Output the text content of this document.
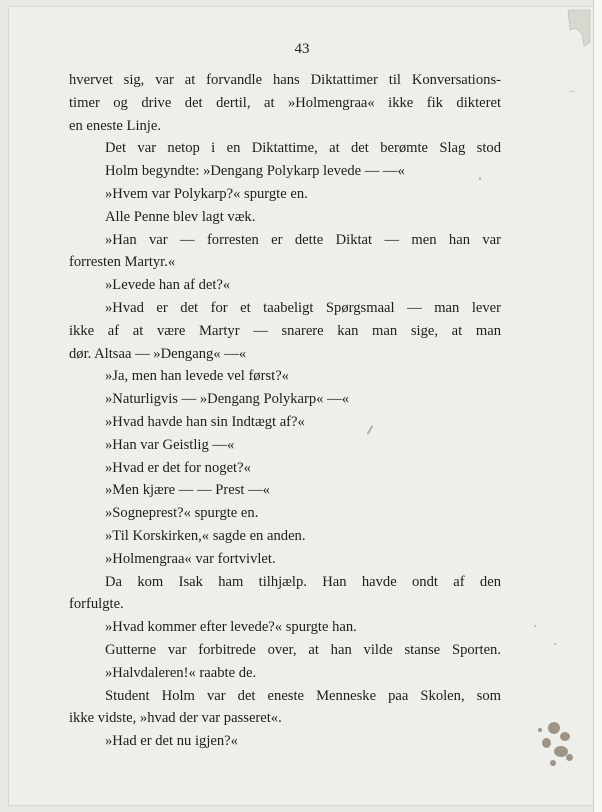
43
hvervet sig, var at forvandle hans Diktattimer til Konversations-
timer og drive det dertil, at »Holmengraa« ikke fik dikteret
en eneste Linje.
Det var netop i en Diktattime, at det berømte Slag stod
Holm begyndte: »Dengang Polykarp levede — —«
»Hvem var Polykarp?« spurgte en.
Alle Penne blev lagt væk.
»Han var — forresten er dette Diktat — men han var
forresten Martyr.«
»Levede han af det?«
»Hvad er det for et taabeligt Spørgsmaal — man lever
ikke af at være Martyr — snarere kan man sige, at man
dør. Altsaa — »Dengang« —«
»Ja, men han levede vel først?«
»Naturligvis — »Dengang Polykarp« —«
»Hvad havde han sin Indtægt af?«
»Han var Geistlig —«
»Hvad er det for noget?«
»Men kjære — — Prest —«
»Sogneprest?« spurgte en.
»Til Korskirken,« sagde en anden.
»Holmengraa« var fortvivlet.
Da kom Isak ham tilhjælp. Han havde ondt af den
forfulgte.
»Hvad kommer efter levede?« spurgte han.
Gutterne var forbitrede over, at han vilde stanse Sporten.
»Halvdaleren!« raabte de.
Student Holm var det eneste Menneske paa Skolen, som
ikke vidste, »hvad der var passeret«.
»Had er det nu igjen?«
